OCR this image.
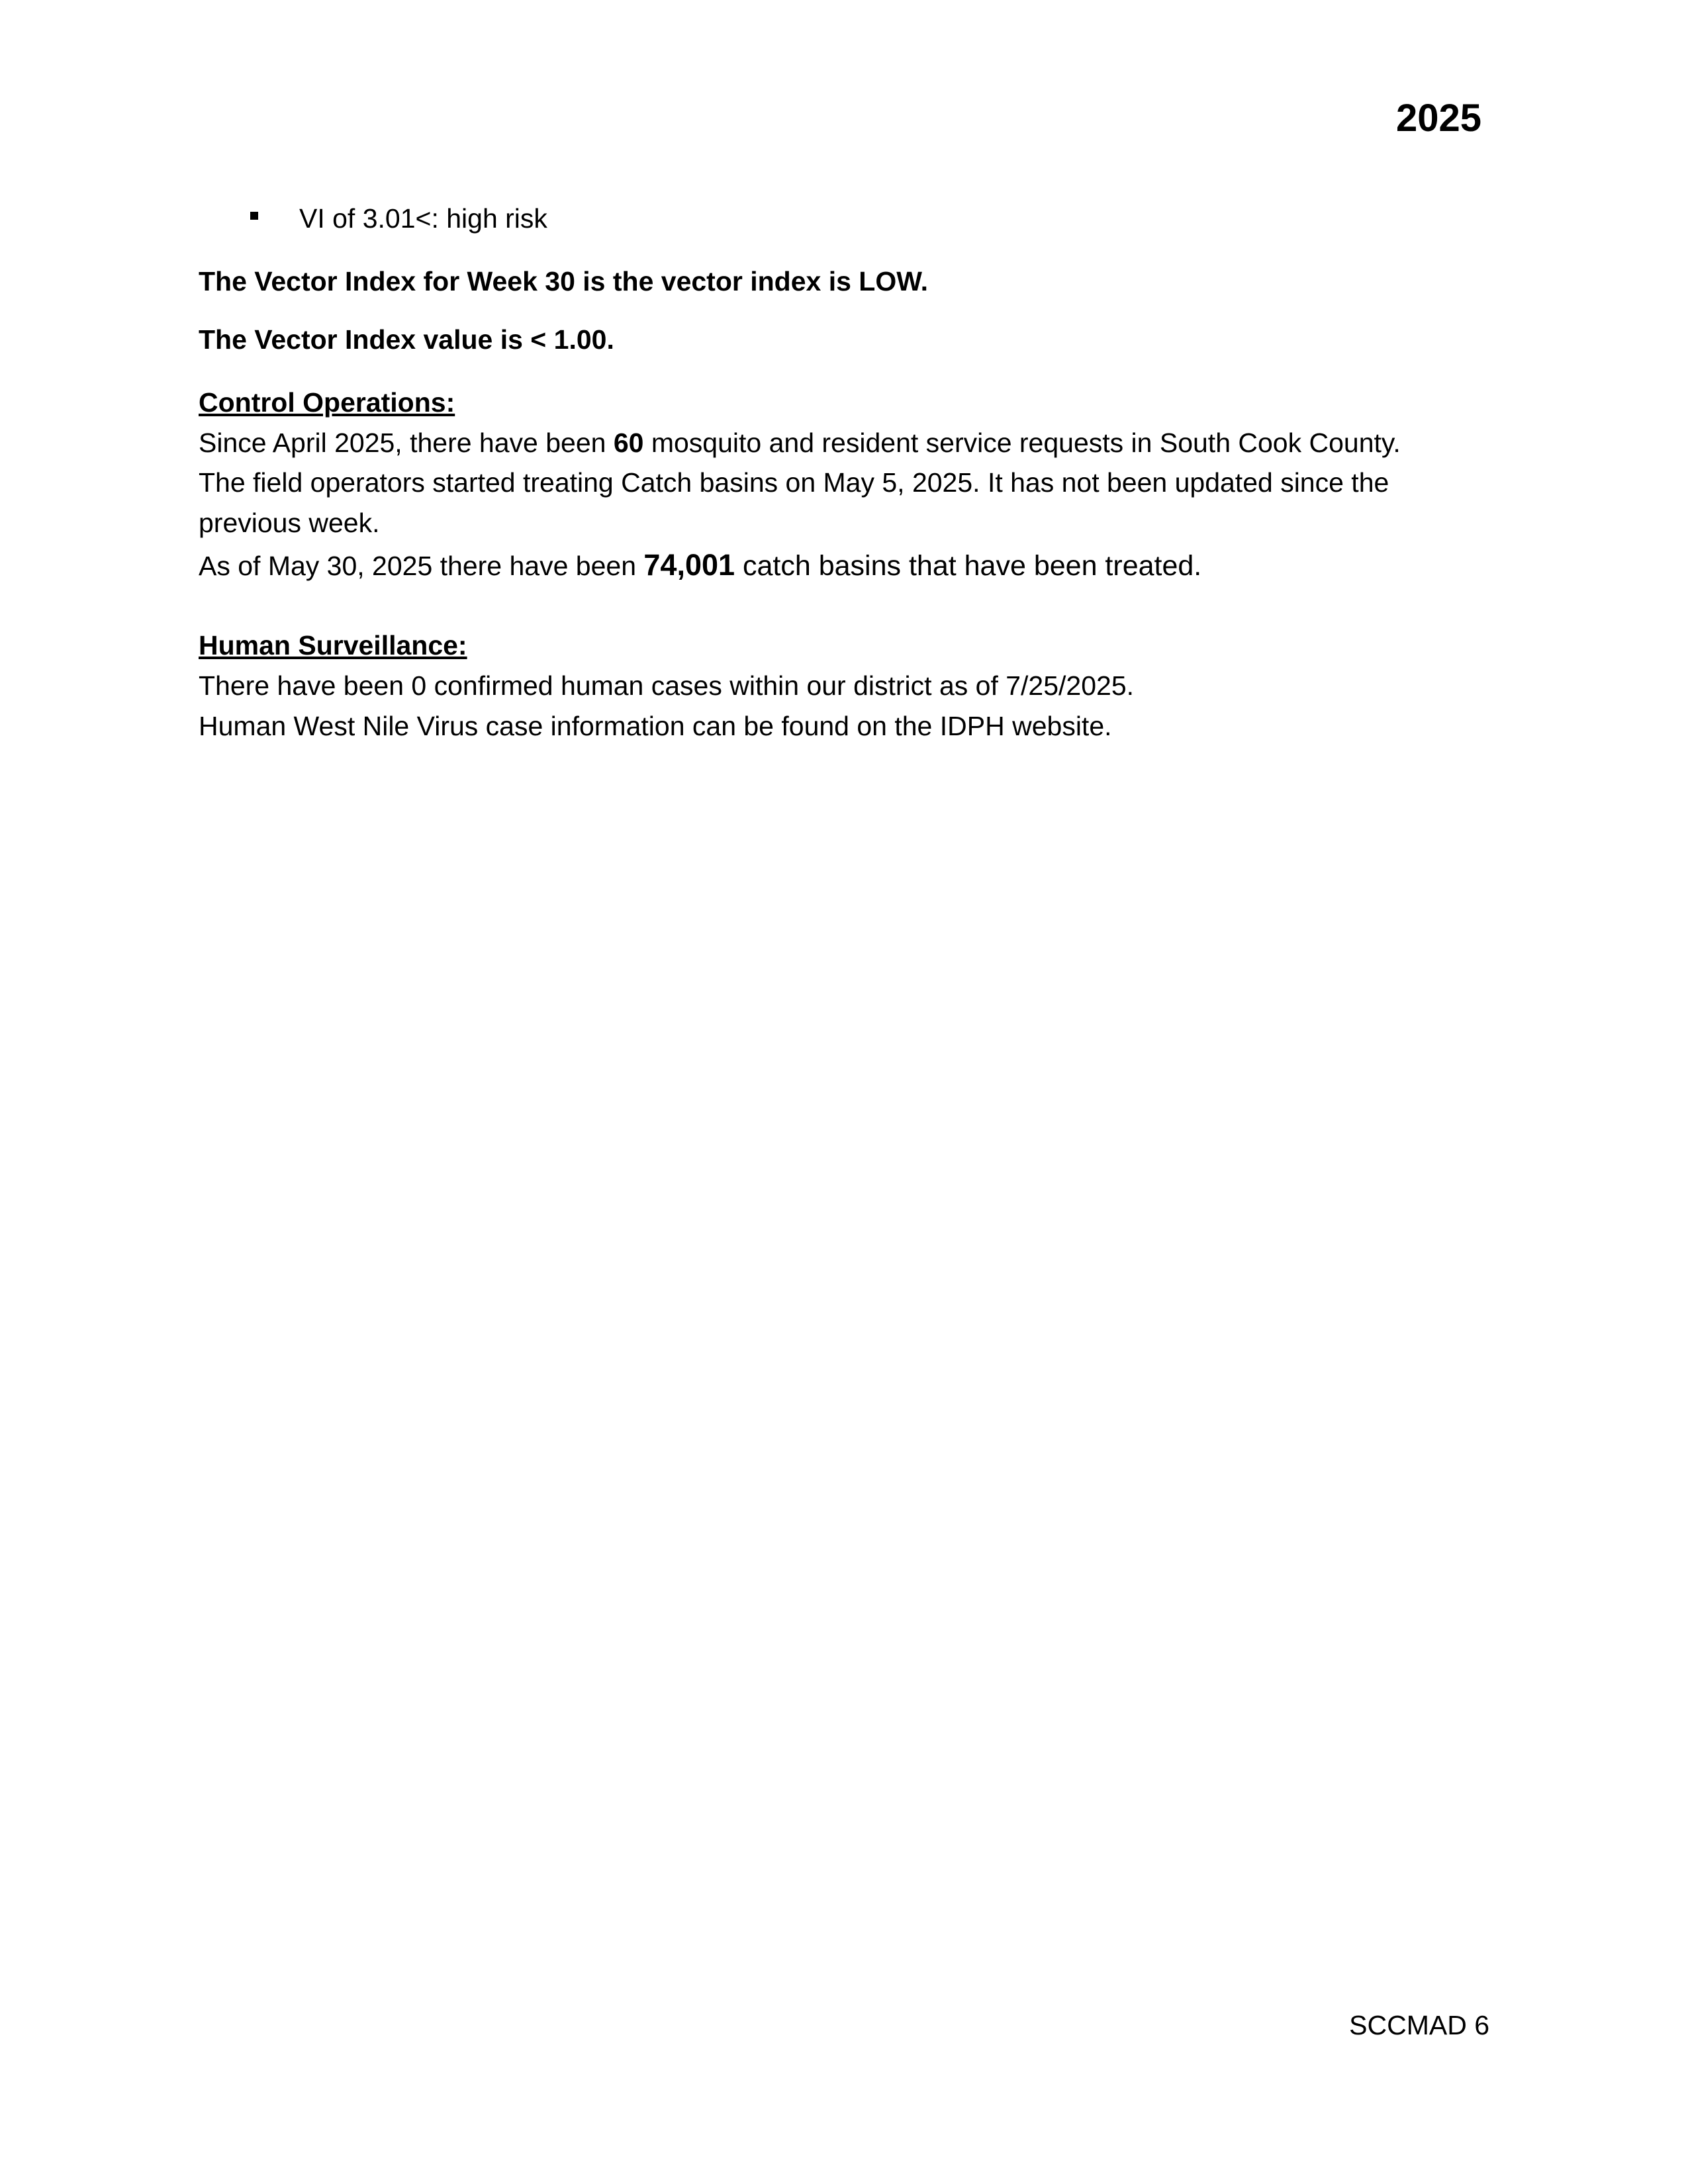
2025
VI of 3.01<: high risk
The Vector Index for Week 30 is the vector index is LOW.
The Vector Index value is < 1.00.
Control Operations:

Since April 2025, there have been 60 mosquito and resident service requests in South Cook County.

The field operators started treating Catch basins on May 5, 2025. It has not been updated since the previous week.

As of May 30, 2025 there have been 74,001 catch basins that have been treated.

Human Surveillance:

There have been 0 confirmed human cases within our district as of 7/25/2025.

Human West Nile Virus case information can be found on the IDPH website.

SCCMAD 6
